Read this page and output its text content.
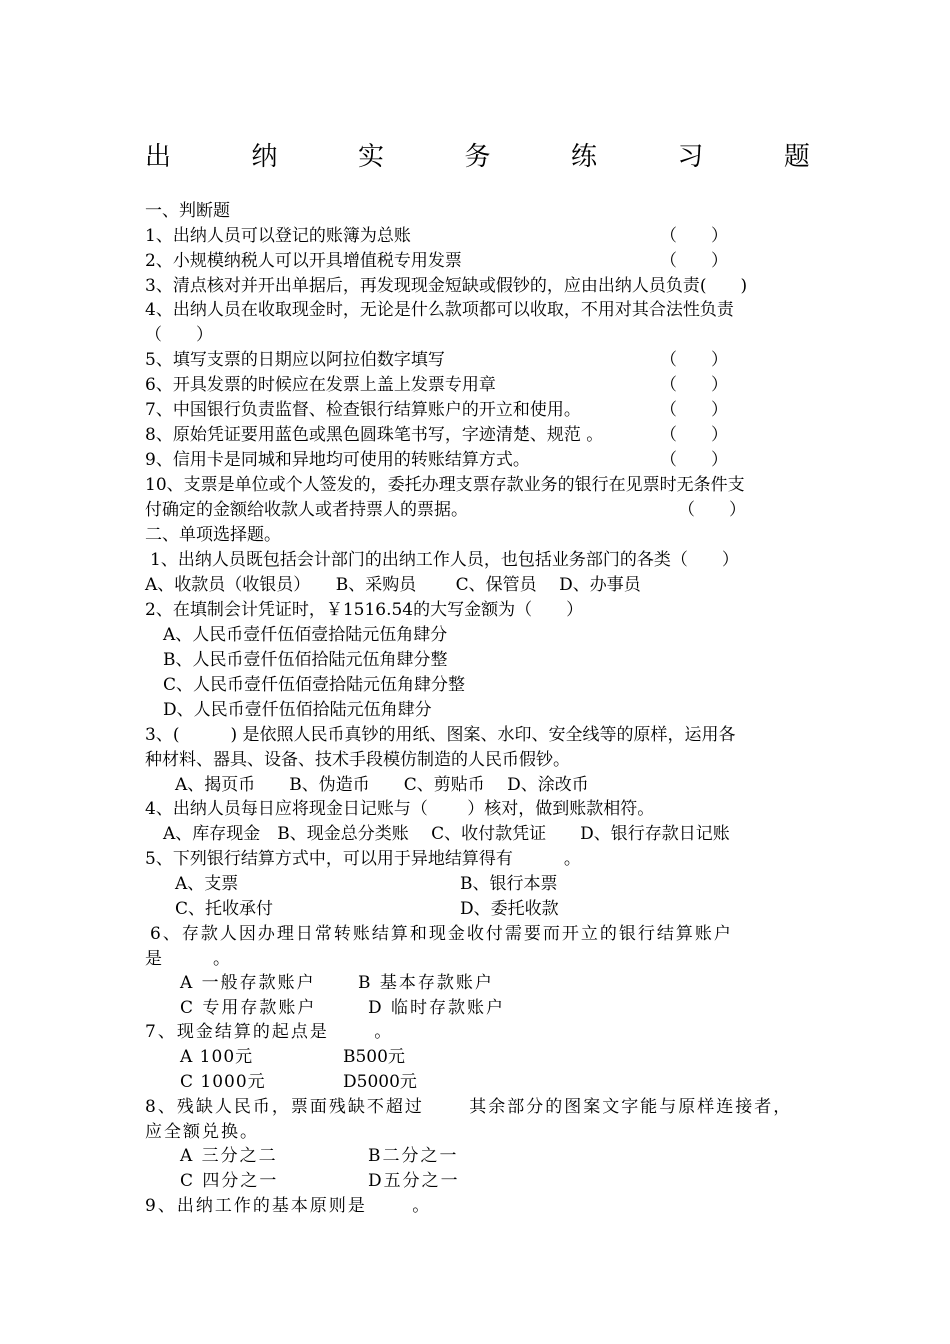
出	纳	实	务	练	习	题
一、判断题
1、出纳人员可以登记的账簿为总账	（　　）
2、小规模纳税人可以开具增值税专用发票	（　　）
3、清点核对并开出单据后，再发现现金短缺或假钞的，应由出纳人员负责(　　)
4、出纳人员在收取现金时，无论是什么款项都可以收取，不用对其合法性负责
（　　）
5、填写支票的日期应以阿拉伯数字填写	（　　）
6、开具发票的时候应在发票上盖上发票专用章	（　　）
7、中国银行负责监督、检查银行结算账户的开立和使用。	（　　）
8、原始凭证要用蓝色或黑色圆珠笔书写，字迹清楚、规范 。	（　　）
9、信用卡是同城和异地均可使用的转账结算方式。	（　　）
10、支票是单位或个人签发的，委托办理支票存款业务的银行在见票时无条件支
付确定的金额给收款人或者持票人的票据。	（　　）
二、单项选择题。
1、出纳人员既包括会计部门的出纳工作人员，也包括业务部门的各类（　　）
A、收款员（收银员）　　B、采购员　　 C、保管员　 D、办事员
2、在填制会计凭证时，￥1516.54的大写金额为（　　）
A、人民币壹仟伍佰壹拾陆元伍角肆分
B、人民币壹仟伍佰拾陆元伍角肆分整
C、人民币壹仟伍佰壹拾陆元伍角肆分整
D、人民币壹仟伍佰拾陆元伍角肆分
3、(　　　) 是依照人民币真钞的用纸、图案、水印、安全线等的原样，运用各
种材料、器具、设备、技术手段模仿制造的人民币假钞。
A、揭页币　　B、伪造币　　C、剪贴币　 D、涂改币
4、出纳人员每日应将现金日记账与（　　 ）核对，做到账款相符。
A、库存现金　B、现金总分类账　 C、收付款凭证　　D、银行存款日记账
5、下列银行结算方式中，可以用于异地结算得有　　　。
A、支票	B、银行本票
C、托收承付	D、委托收款
6、存款人因办理日常转账结算和现金收付需要而开立的银行结算账户
是　　　。
A 一般存款账户 B 基本存款账户
C 专用存款账户	D 临时存款账户
7、现金结算的起点是　　 。
A 100元	B500元
C 1000元	D5000元
8、残缺人民币，票面残缺不超过　　 其余部分的图案文字能与原样连接者，
应全额兑换。
A 三分之二	B二分之一
C 四分之一	D五分之一
9、出纳工作的基本原则是　　 。
